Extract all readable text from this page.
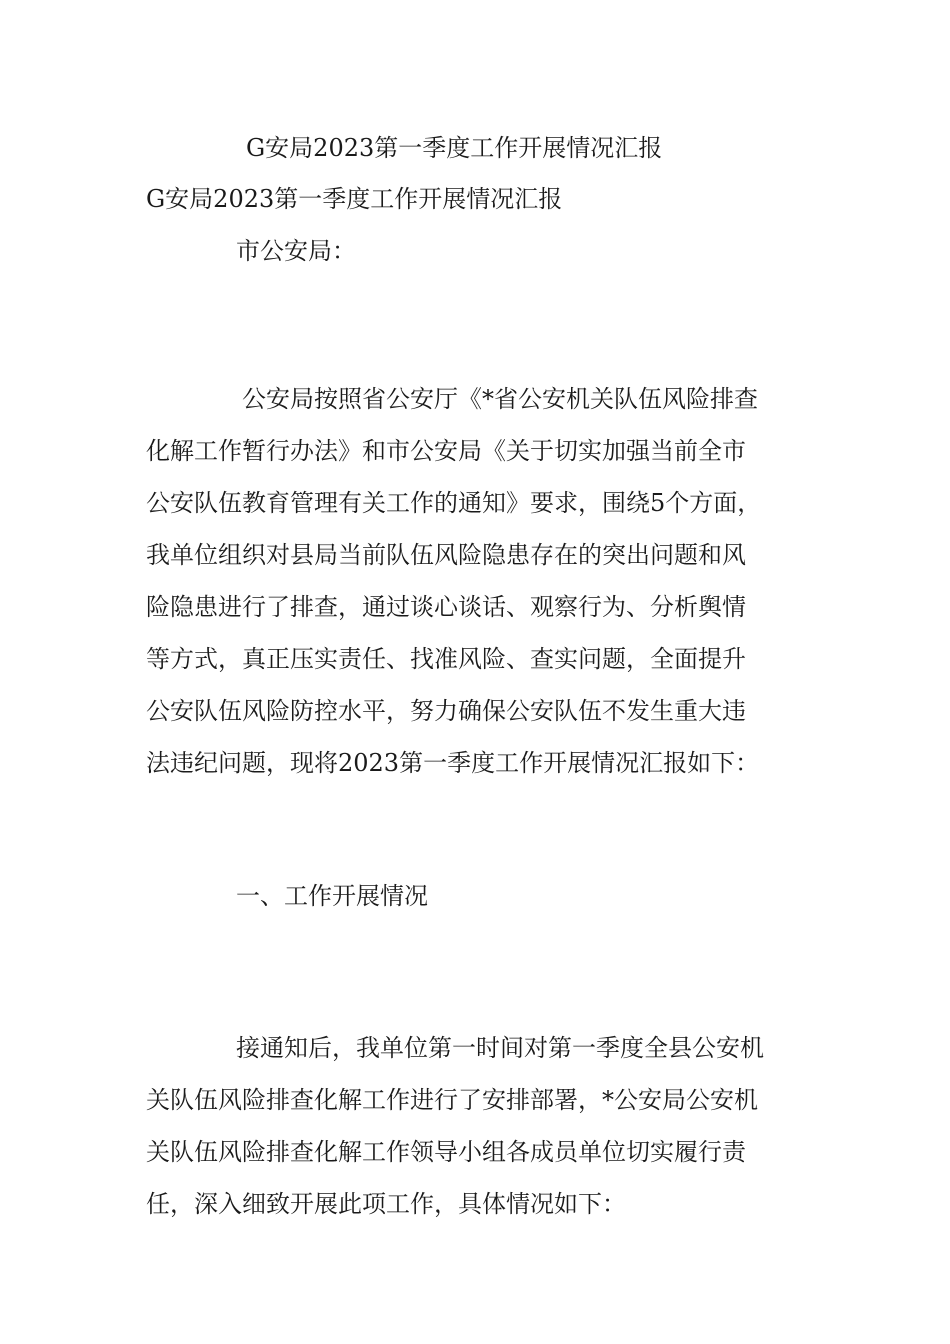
G安局2023第一季度工作开展情况汇报
G安局2023第一季度工作开展情况汇报
市公安局：
公安局按照省公安厅《*省公安机关队伍风险排查
化解工作暂行办法》和市公安局《关于切实加强当前全市
公安队伍教育管理有关工作的通知》要求，围绕5个方面，
我单位组织对县局当前队伍风险隐患存在的突出问题和风
险隐患进行了排查，通过谈心谈话、观察行为、分析舆情
等方式，真正压实责任、找准风险、查实问题，全面提升
公安队伍风险防控水平，努力确保公安队伍不发生重大违
法违纪问题，现将2023第一季度工作开展情况汇报如下：
一、工作开展情况
接通知后，我单位第一时间对第一季度全县公安机
关队伍风险排查化解工作进行了安排部署，*公安局公安机
关队伍风险排查化解工作领导小组各成员单位切实履行责
任，深入细致开展此项工作，具体情况如下：
